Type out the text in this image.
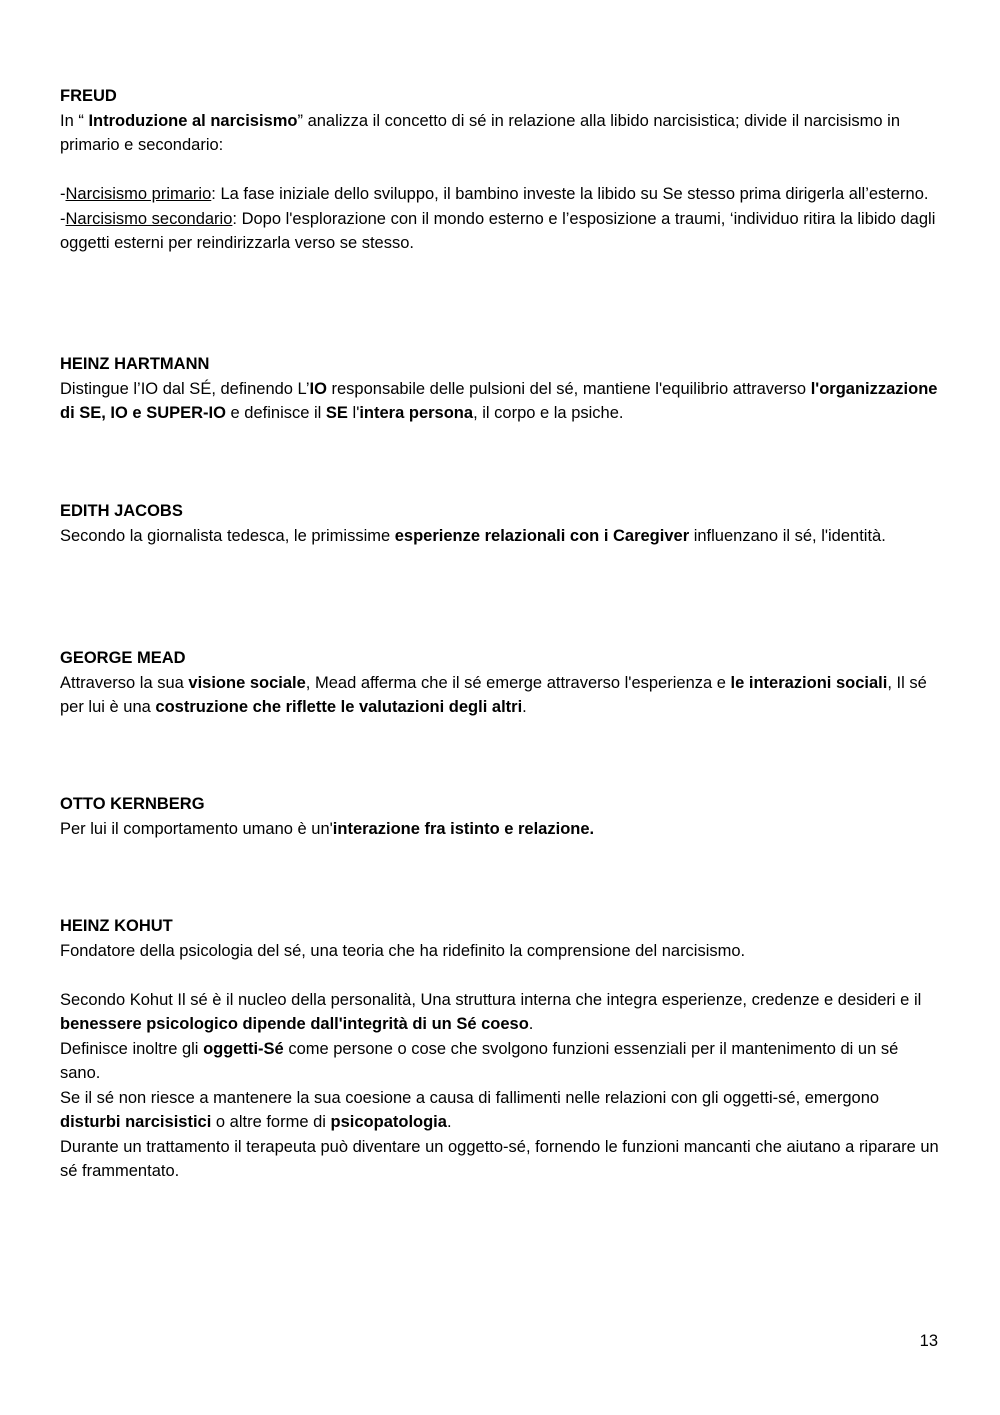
FREUD

In “ Introduzione al narcisismo” analizza il concetto di sé in relazione alla libido narcisistica; divide il narcisismo in primario e secondario:

-Narcisismo primario: La fase iniziale dello sviluppo, il bambino investe la libido su Se stesso prima dirigerla all’esterno.

-Narcisismo secondario: Dopo l'esplorazione con il mondo esterno e l’esposizione a traumi, ‘individuo ritira la libido dagli oggetti esterni per reindirizzarla verso se stesso.

HEINZ HARTMANN

Distingue l’IO dal SÉ, definendo L’IO responsabile delle pulsioni del sé, mantiene l'equilibrio attraverso l'organizzazione di SE, IO e SUPER-IO e definisce il SE l'intera persona, il corpo e la psiche.

EDITH JACOBS

Secondo la giornalista tedesca, le primissime esperienze relazionali con i Caregiver influenzano il sé, l'identità.

GEORGE MEAD

Attraverso la sua visione sociale, Mead afferma che il sé emerge attraverso l'esperienza e le interazioni sociali, Il sé per lui è una costruzione che riflette le valutazioni degli altri.

OTTO KERNBERG

Per lui il comportamento umano è un'interazione fra istinto e relazione.

HEINZ KOHUT

Fondatore della psicologia del sé, una teoria che ha ridefinito la comprensione del narcisismo.

Secondo Kohut Il sé è il nucleo della personalità, Una struttura interna che integra esperienze, credenze e desideri e il benessere psicologico dipende dall'integrità di un Sé coeso.

Definisce inoltre gli oggetti-Sé come persone o cose che svolgono funzioni essenziali per il mantenimento di un sé sano.

Se il sé non riesce a mantenere la sua coesione a causa di fallimenti nelle relazioni con gli oggetti-sé, emergono disturbi narcisistici o altre forme di psicopatologia.

Durante un trattamento il terapeuta può diventare un oggetto-sé, fornendo le funzioni mancanti che aiutano a riparare un sé frammentato.

13
